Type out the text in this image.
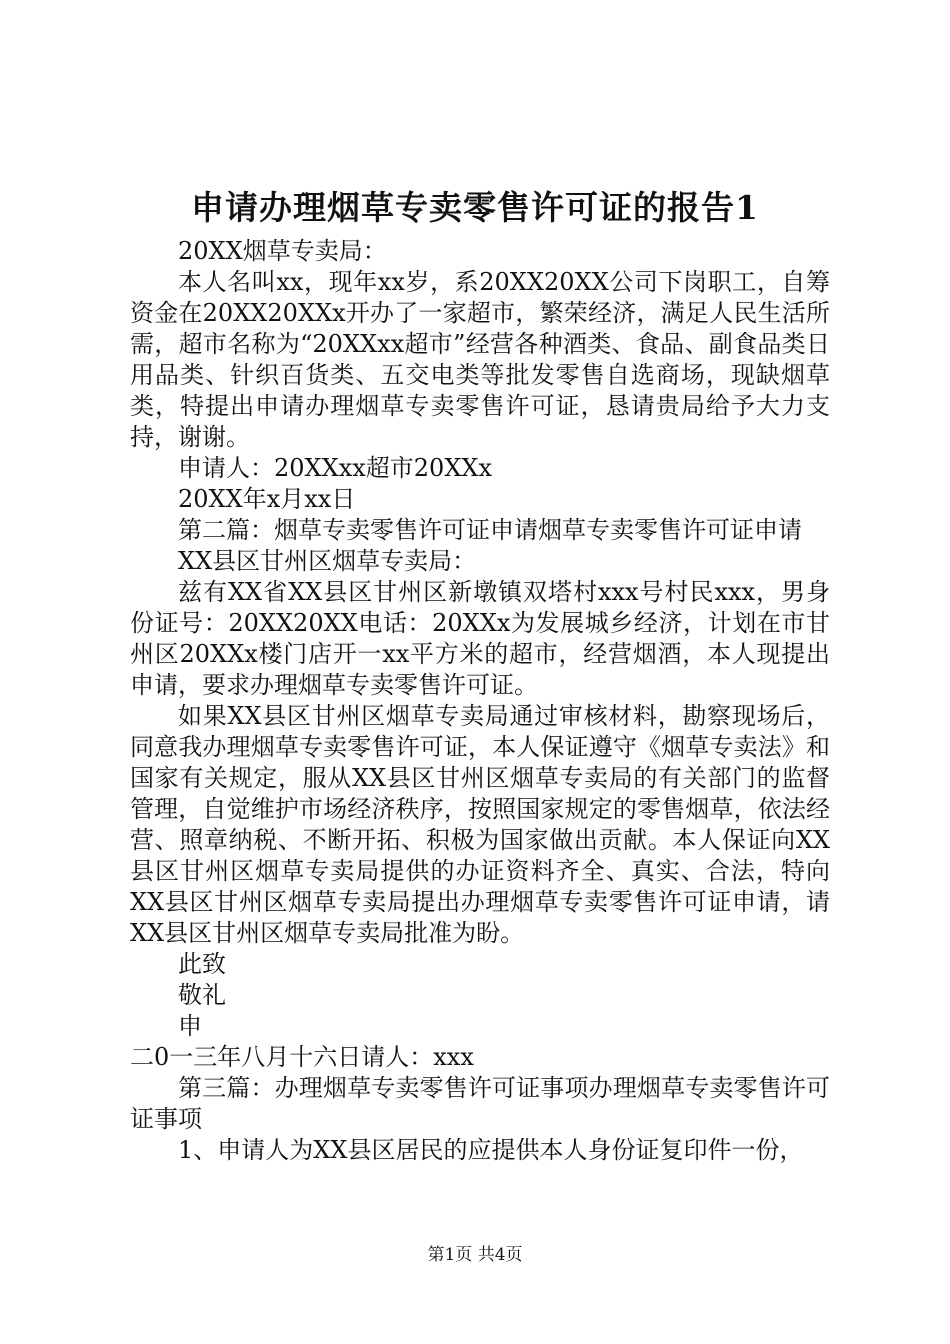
申请办理烟草专卖零售许可证的报告1

20XX烟草专卖局：

本人名叫xx，现年xx岁，系20XX20XX公司下岗职工，自筹资金在20XX20XXx开办了一家超市，繁荣经济，满足人民生活所需，超市名称为“20XXxx超市”经营各种酒类、食品、副食品类日用品类、针织百货类、五交电类等批发零售自选商场，现缺烟草类，特提出申请办理烟草专卖零售许可证，恳请贵局给予大力支持，谢谢。

申请人：20XXxx超市20XXx

20XX年x月xx日

第二篇：烟草专卖零售许可证申请烟草专卖零售许可证申请

XX县区甘州区烟草专卖局：

兹有XX省XX县区甘州区新墩镇双塔村xxx号村民xxx，男身份证号：20XX20XX电话：20XXx为发展城乡经济，计划在市甘州区20XXx楼门店开一xx平方米的超市，经营烟酒，本人现提出申请，要求办理烟草专卖零售许可证。

如果XX县区甘州区烟草专卖局通过审核材料，勘察现场后，同意我办理烟草专卖零售许可证，本人保证遵守《烟草专卖法》和国家有关规定，服从XX县区甘州区烟草专卖局的有关部门的监督管理，自觉维护市场经济秩序，按照国家规定的零售烟草，依法经营、照章纳税、不断开拓、积极为国家做出贡献。本人保证向XX县区甘州区烟草专卖局提供的办证资料齐全、真实、合法，特向XX县区甘州区烟草专卖局提出办理烟草专卖零售许可证申请，请XX县区甘州区烟草专卖局批准为盼。

此致

敬礼

申

二0一三年八月十六日请人：xxx

第三篇：办理烟草专卖零售许可证事项办理烟草专卖零售许可证事项

1、申请人为XX县区居民的应提供本人身份证复印件一份，

第1页 共4页
